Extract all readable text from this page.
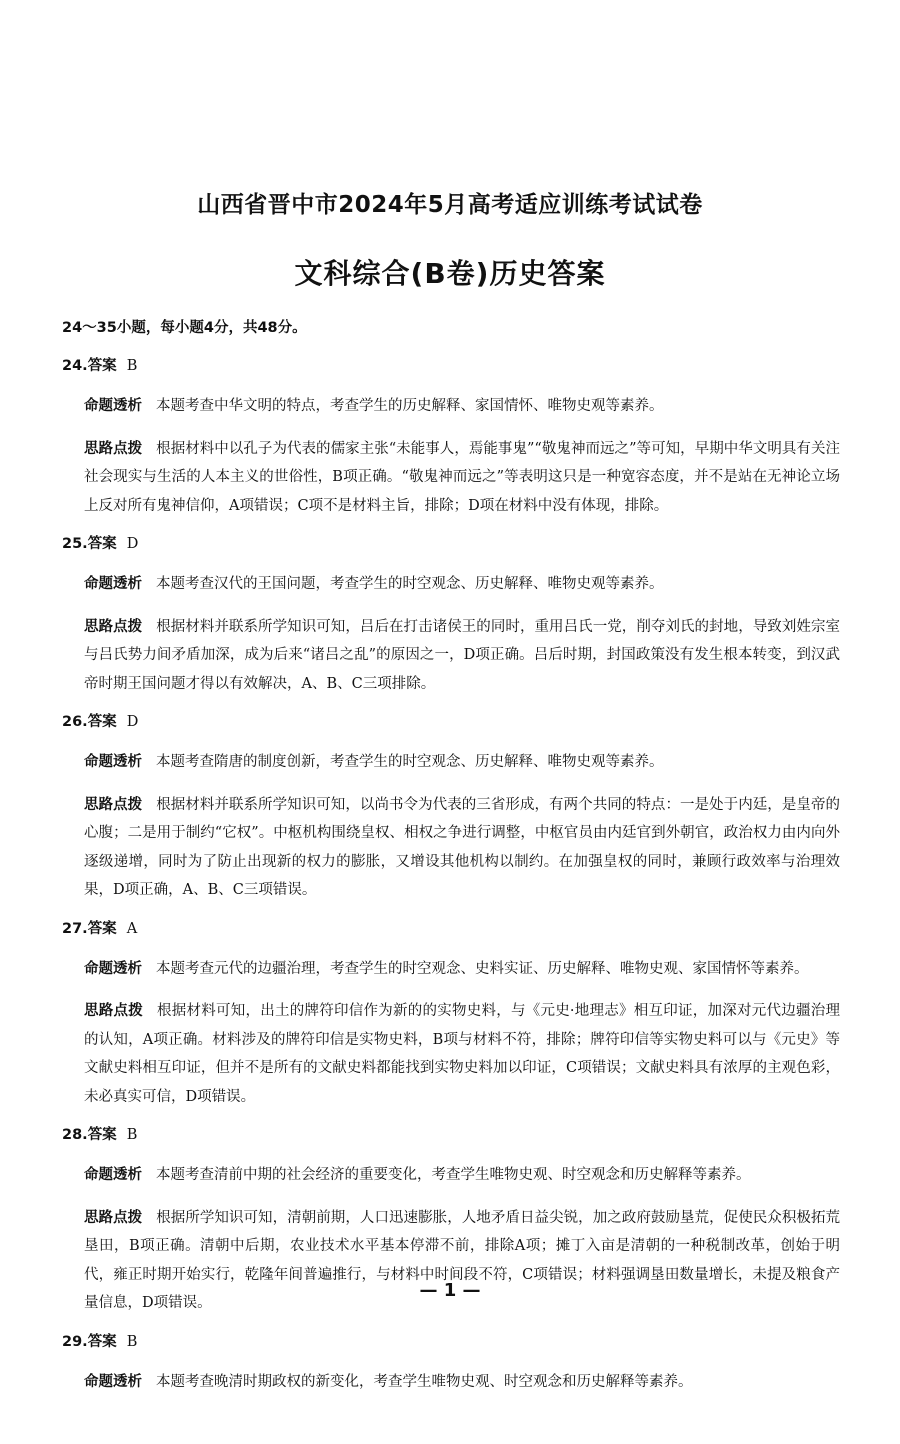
山西省晋中市2024年5月高考适应训练考试试卷
文科综合(B卷)历史答案

24～35小题，每小题4分，共48分。

24.答案 B

命题透析 本题考查中华文明的特点，考查学生的历史解释、家国情怀、唯物史观等素养。

思路点拨 根据材料中以孔子为代表的儒家主张“未能事人，焉能事鬼”“敬鬼神而远之”等可知，早期中华文明具有关注社会现实与生活的人本主义的世俗性，B项正确。“敬鬼神而远之”等表明这只是一种宽容态度，并不是站在无神论立场上反对所有鬼神信仰，A项错误；C项不是材料主旨，排除；D项在材料中没有体现，排除。

25.答案 D

命题透析 本题考查汉代的王国问题，考查学生的时空观念、历史解释、唯物史观等素养。

思路点拨 根据材料并联系所学知识可知，吕后在打击诸侯王的同时，重用吕氏一党，削夺刘氏的封地，导致刘姓宗室与吕氏势力间矛盾加深，成为后来“诸吕之乱”的原因之一，D项正确。吕后时期，封国政策没有发生根本转变，到汉武帝时期王国问题才得以有效解决，A、B、C三项排除。

26.答案 D

命题透析 本题考查隋唐的制度创新，考查学生的时空观念、历史解释、唯物史观等素养。

思路点拨 根据材料并联系所学知识可知，以尚书令为代表的三省形成，有两个共同的特点：一是处于内廷，是皇帝的心腹；二是用于制约“它权”。中枢机构围绕皇权、相权之争进行调整，中枢官员由内廷官到外朝官，政治权力由内向外逐级递增，同时为了防止出现新的权力的膨胀，又增设其他机构以制约。在加强皇权的同时，兼顾行政效率与治理效果，D项正确，A、B、C三项错误。

27.答案 A

命题透析 本题考查元代的边疆治理，考查学生的时空观念、史料实证、历史解释、唯物史观、家国情怀等素养。

思路点拨 根据材料可知，出土的牌符印信作为新的的实物史料，与《元史·地理志》相互印证，加深对元代边疆治理的认知，A项正确。材料涉及的牌符印信是实物史料，B项与材料不符，排除；牌符印信等实物史料可以与《元史》等文献史料相互印证，但并不是所有的文献史料都能找到实物史料加以印证，C项错误；文献史料具有浓厚的主观色彩，未必真实可信，D项错误。

28.答案 B

命题透析 本题考查清前中期的社会经济的重要变化，考查学生唯物史观、时空观念和历史解释等素养。

思路点拨 根据所学知识可知，清朝前期，人口迅速膨胀，人地矛盾日益尖锐，加之政府鼓励垦荒，促使民众积极拓荒垦田，B项正确。清朝中后期，农业技术水平基本停滞不前，排除A项；摊丁入亩是清朝的一种税制改革，创始于明代，雍正时期开始实行，乾隆年间普遍推行，与材料中时间段不符，C项错误；材料强调垦田数量增长，未提及粮食产量信息，D项错误。

29.答案 B

命题透析 本题考查晚清时期政权的新变化，考查学生唯物史观、时空观念和历史解释等素养。

— 1 —
